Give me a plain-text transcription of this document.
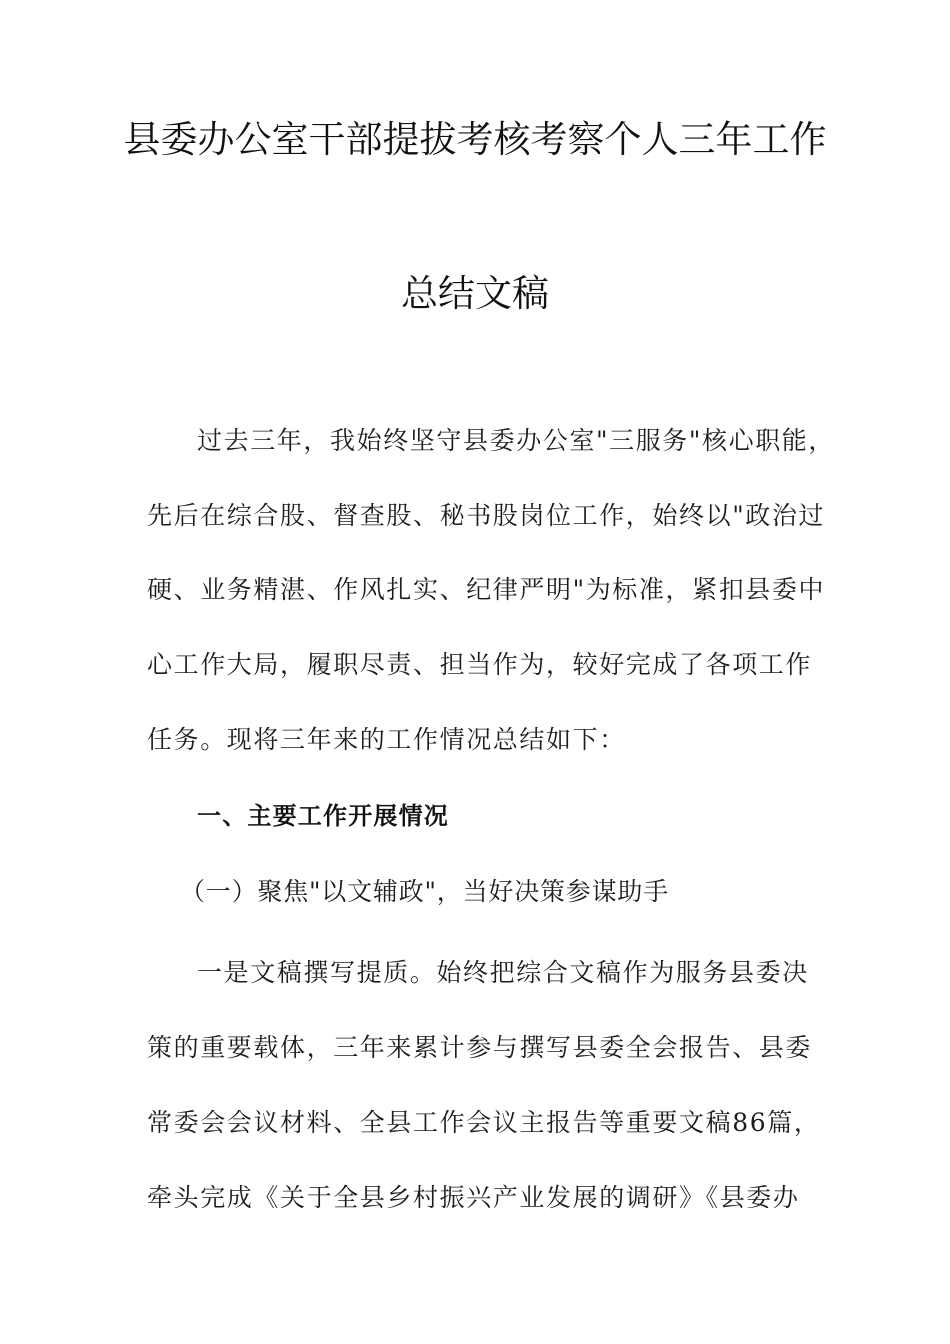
县委办公室干部提拔考核考察个人三年工作
总结文稿
过去三年，我始终坚守县委办公室"三服务"核心职能，
先后在综合股、督查股、秘书股岗位工作，始终以"政治过
硬、业务精湛、作风扎实、纪律严明"为标准，紧扣县委中
心工作大局，履职尽责、担当作为，较好完成了各项工作
任务。现将三年来的工作情况总结如下：
一、主要工作开展情况
（一）聚焦"以文辅政"，当好决策参谋助手
一是文稿撰写提质。始终把综合文稿作为服务县委决
策的重要载体，三年来累计参与撰写县委全会报告、县委
常委会会议材料、全县工作会议主报告等重要文稿86篇，
牵头完成《关于全县乡村振兴产业发展的调研》《县委办
